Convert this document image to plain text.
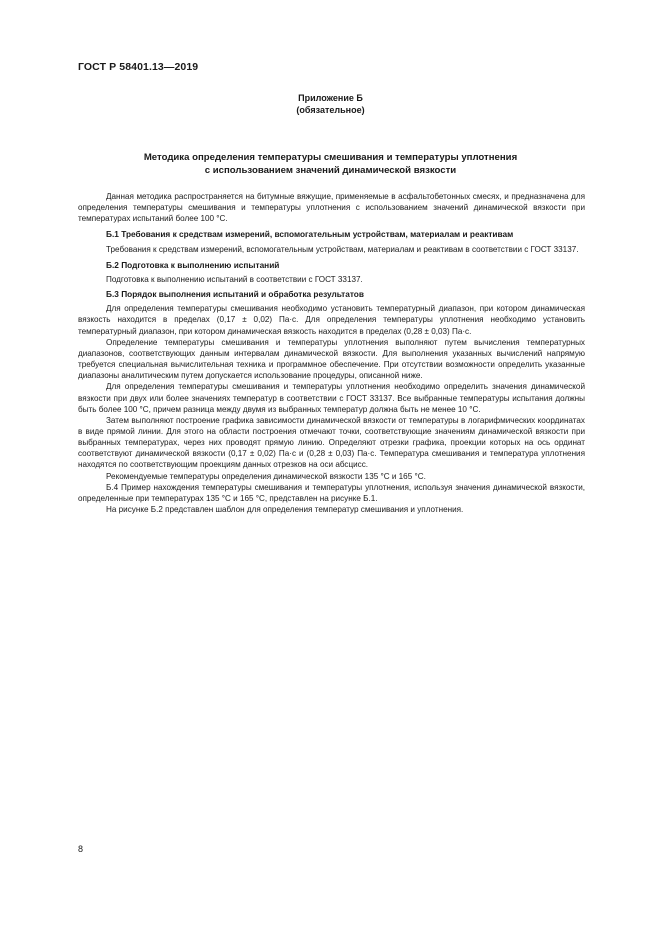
ГОСТ Р 58401.13—2019
Приложение Б
(обязательное)
Методика определения температуры смешивания и температуры уплотнения
с использованием значений динамической вязкости

Данная методика распространяется на битумные вяжущие, применяемые в асфальтобетонных смесях, и предназначена для определения температуры смешивания и температуры уплотнения с использованием значений динамической вязкости при температурах испытаний более 100 °С.

Б.1 Требования к средствам измерений, вспомогательным устройствам, материалам и реактивам

Требования к средствам измерений, вспомогательным устройствам, материалам и реактивам в соответствии с ГОСТ 33137.

Б.2 Подготовка к выполнению испытаний

Подготовка к выполнению испытаний в соответствии с ГОСТ 33137.

Б.3 Порядок выполнения испытаний и обработка результатов

Для определения температуры смешивания необходимо установить температурный диапазон, при котором динамическая вязкость находится в пределах (0,17 ± 0,02) Па·с. Для определения температуры уплотнения необходимо установить температурный диапазон, при котором динамическая вязкость находится в пределах (0,28 ± 0,03) Па·с.

Определение температуры смешивания и температуры уплотнения выполняют путем вычисления температурных диапазонов, соответствующих данным интервалам динамической вязкости. Для выполнения указанных вычислений напрямую требуется специальная вычислительная техника и программное обеспечение. При отсутствии возможности определить указанные диапазоны аналитическим путем допускается использование процедуры, описанной ниже.

Для определения температуры смешивания и температуры уплотнения необходимо определить значения динамической вязкости при двух или более значениях температур в соответствии с ГОСТ 33137. Все выбранные температуры испытания должны быть более 100 °С, причем разница между двумя из выбранных температур должна быть не менее 10 °С.

Затем выполняют построение графика зависимости динамической вязкости от температуры в логарифмических координатах в виде прямой линии. Для этого на области построения отмечают точки, соответствующие значениям динамической вязкости при выбранных температурах, через них проводят прямую линию. Определяют отрезки графика, проекции которых на ось ординат соответствуют динамической вязкости (0,17 ± 0,02) Па·с и (0,28 ± 0,03) Па·с. Температура смешивания и температура уплотнения находятся по соответствующим проекциям данных отрезков на оси абсцисс.

Рекомендуемые температуры определения динамической вязкости 135 °С и 165 °С.

Б.4 Пример нахождения температуры смешивания и температуры уплотнения, используя значения динамической вязкости, определенные при температурах 135 °С и 165 °С, представлен на рисунке Б.1.

На рисунке Б.2 представлен шаблон для определения температур смешивания и уплотнения.

8
